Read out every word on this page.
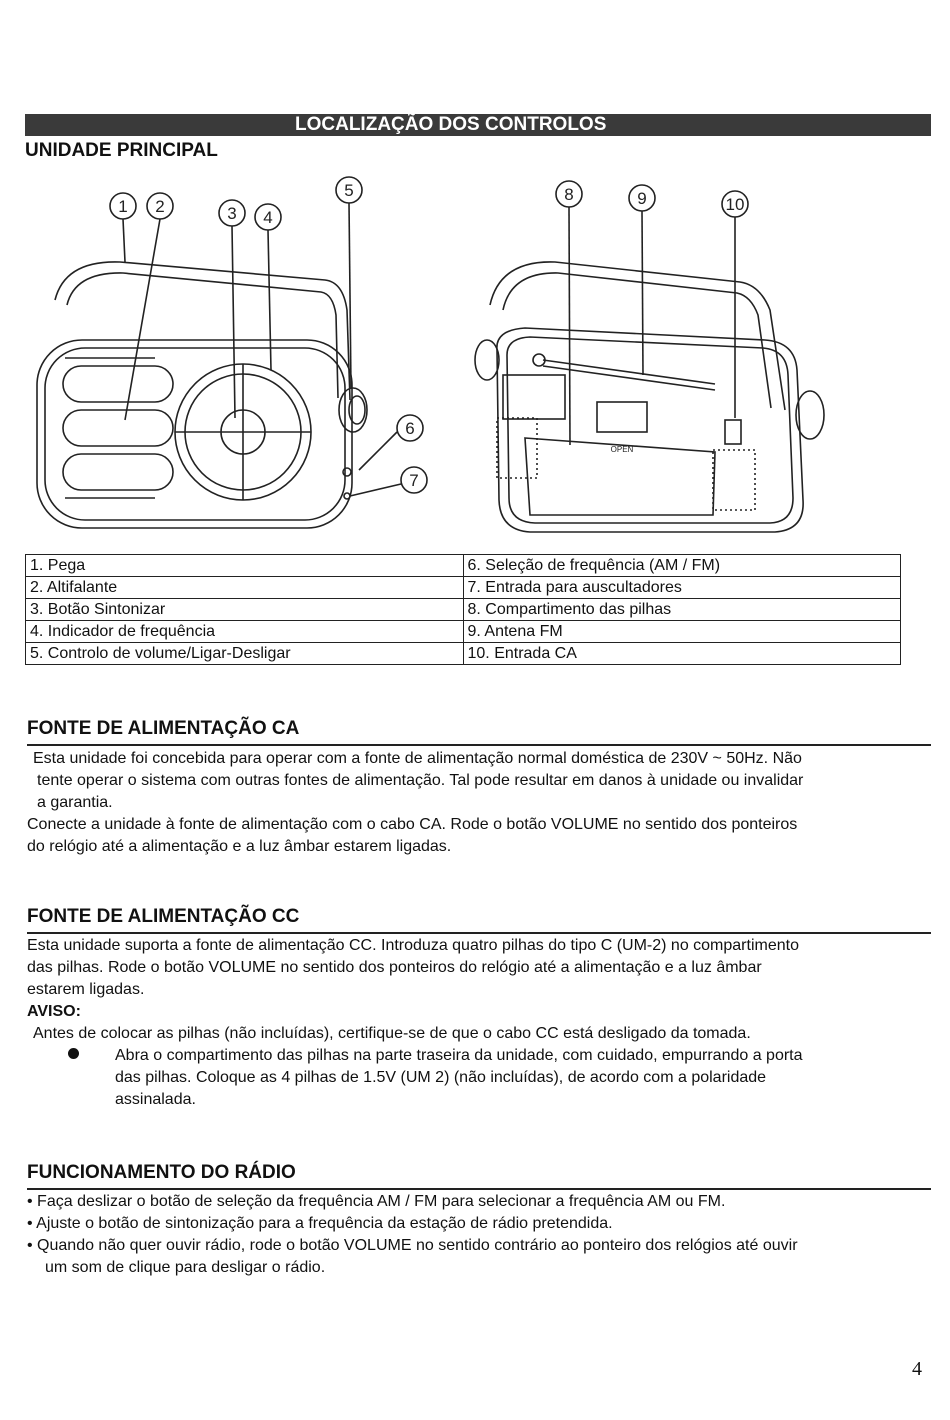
LOCALIZAÇÃO DOS CONTROLOS
UNIDADE PRINCIPAL
1 2	3 4
5
6
7
OPEN
8	9	10
1. Pega	6. Seleção de frequência (AM / FM)
2. Altifalante	7. Entrada para auscultadores
3. Botão Sintonizar	8. Compartimento das pilhas
4. Indicador de frequência	9. Antena FM
5. Controlo de volume/Ligar-Desligar	10. Entrada CA
FONTE DE ALIMENTAÇÃO CA

Esta unidade foi concebida para operar com a fonte de alimentação normal doméstica de 230V ~ 50Hz. Não

tente operar o sistema com outras fontes de alimentação. Tal pode resultar em danos à unidade ou invalidar

a garantia.

Conecte a unidade à fonte de alimentação com o cabo CA. Rode o botão VOLUME no sentido dos ponteiros

do relógio até a alimentação e a luz âmbar estarem ligadas.

FONTE DE ALIMENTAÇÃO CC

Esta unidade suporta a fonte de alimentação CC. Introduza quatro pilhas do tipo C (UM-2) no compartimento

das pilhas. Rode o botão VOLUME no sentido dos ponteiros do relógio até a alimentação e a luz âmbar

estarem ligadas.

AVISO:

Antes de colocar as pilhas (não incluídas), certifique-se de que o cabo CC está desligado da tomada.

Abra o compartimento das pilhas na parte traseira da unidade, com cuidado, empurrando a porta

das pilhas. Coloque as 4 pilhas de 1.5V (UM 2) (não incluídas), de acordo com a polaridade

assinalada.

FUNCIONAMENTO DO RÁDIO

• Faça deslizar o botão de seleção da frequência AM / FM para selecionar a frequência AM ou FM.

• Ajuste o botão de sintonização para a frequência da estação de rádio pretendida.

• Quando não quer ouvir rádio, rode o botão VOLUME no sentido contrário ao ponteiro dos relógios até ouvir

um som de clique para desligar o rádio.

4
